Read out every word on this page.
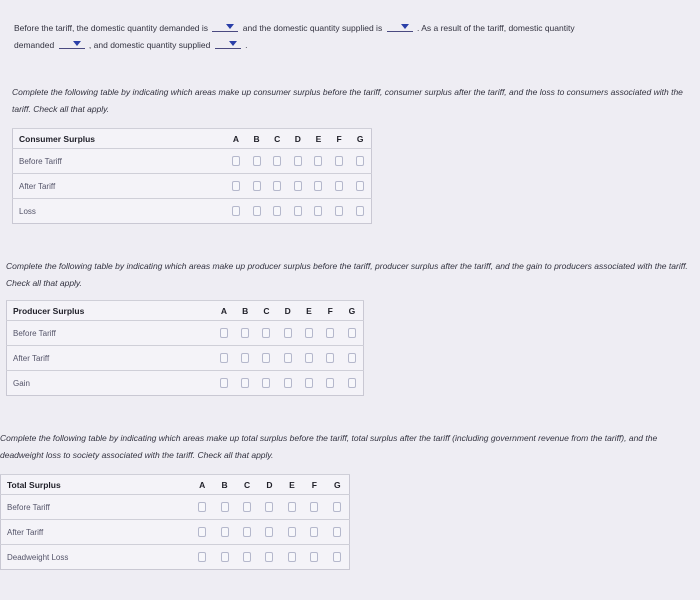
Before the tariff, the domestic quantity demanded is	and the domestic quantity supplied is	. As a result of the tariff, domestic quantity
demanded	, and domestic quantity supplied	.
Complete the following table by indicating which areas make up consumer surplus before the tariff, consumer surplus after the tariff, and the loss to consumers associated with the tariff. Check all that apply.
Consumer Surplus	A	B	C	D	E	F	G
Before Tariff							
After Tariff							
Loss							
Complete the following table by indicating which areas make up producer surplus before the tariff, producer surplus after the tariff, and the gain to producers associated with the tariff. Check all that apply.
Producer Surplus	A	B	C	D	E	F	G
Before Tariff							
After Tariff							
Gain							
Complete the following table by indicating which areas make up total surplus before the tariff, total surplus after the tariff (including government revenue from the tariff), and the deadweight loss to society associated with the tariff. Check all that apply.
Total Surplus	A	B	C	D	E	F	G
Before Tariff							
After Tariff							
Deadweight Loss							
